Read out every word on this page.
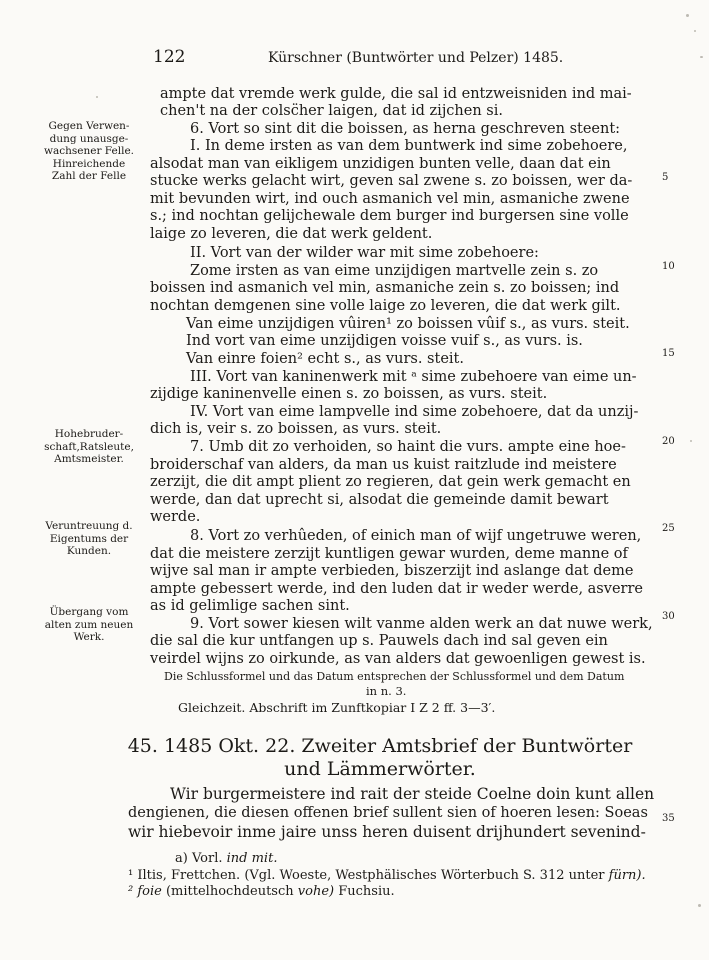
122	Kürschner (Buntwörter und Pelzer) 1485.
Gegen Verwen-
dung unausge-
wachsener Felle.
Hinreichende
Zahl der Felle
Hohebruder-
schaft,Ratsleute,
Amtsmeister.
Veruntreuung d.
Eigentums der
Kunden.
Übergang vom
alten zum neuen
Werk.
5
10
15
20
25
30
35
ampte dat vremde werk gulde, die sal id entzweisniden ind mai-
chen't na der colsc̈her laigen, dat id zijchen si.
6. Vort so sint dit die boissen, as herna geschreven steent:
I. In deme irsten as van dem buntwerk ind sime zobehoere,
alsodat man van eikligem unzidigen bunten velle, daan dat ein
stucke werks gelacht wirt, geven sal zwene s. zo boissen, wer da-
mit bevunden wirt, ind ouch asmanich vel min, asmaniche zwene
s.; ind nochtan gelijchewale dem burger ind burgersen sine volle
laige zo leveren, die dat werk geldent.
II. Vort van der wilder war mit sime zobehoere:
Zome irsten as van eime unzijdigen martvelle zein s. zo
boissen ind asmanich vel min, asmaniche zein s. zo boissen; ind
nochtan demgenen sine volle laige zo leveren, die dat werk gilt.
Van eime unzijdigen vûiren¹ zo boissen vûif s., as vurs. steit.
Ind vort van eime unzijdigen voisse vuif s., as vurs. is.
Van einre foien² echt s., as vurs. steit.
III. Vort van kaninenwerk mit ᵃ sime zubehoere van eime un-
zijdige kaninenvelle einen s. zo boissen, as vurs. steit.
IV. Vort van eime lampvelle ind sime zobehoere, dat da unzij-
dich is, veir s. zo boissen, as vurs. steit.
7. Umb dit zo verhoiden, so haint die vurs. ampte eine hoe-
broiderschaf van alders, da man us kuist raitzlude ind meistere
zerzijt, die dit ampt plient zo regieren, dat gein werk gemacht en
werde, dan dat uprecht si, alsodat die gemeinde damit bewart
werde.
8. Vort zo verhûeden, of einich man of wijf ungetruwe weren,
dat die meistere zerzijt kuntligen gewar wurden, deme manne of
wijve sal man ir ampte verbieden, biszerzijt ind aslange dat deme
ampte gebessert werde, ind den luden dat ir weder werde, asverre
as id gelimlige sachen sint.
9. Vort sower kiesen wilt vanme alden werk an dat nuwe werk,
die sal die kur untfangen up s. Pauwels dach ind sal geven ein
veirdel wijns zo oirkunde, as van alders dat gewoenligen gewest is.
Die Schlussformel und das Datum entsprechen der Schlussformel und dem Datum
in n. 3.
Gleichzeit. Abschrift im Zunftkopiar I Z 2 ff. 3—3′.
45. 1485 Okt. 22. Zweiter Amtsbrief der Buntwörter
und Lämmerwörter.
Wir burgermeistere ind rait der steide Coelne doin kunt allen
dengienen, die diesen offenen brief sullent sien of hoeren lesen: Soeas
wir hiebevoir inme jaire unss heren duisent drijhundert sevenind-
a) Vorl. ind mit.
¹ Iltis, Frettchen. (Vgl. Woeste, Westphälisches Wörterbuch S. 312 unter fürn).
² foie (mittelhochdeutsch vohe) Fuchsiu.
